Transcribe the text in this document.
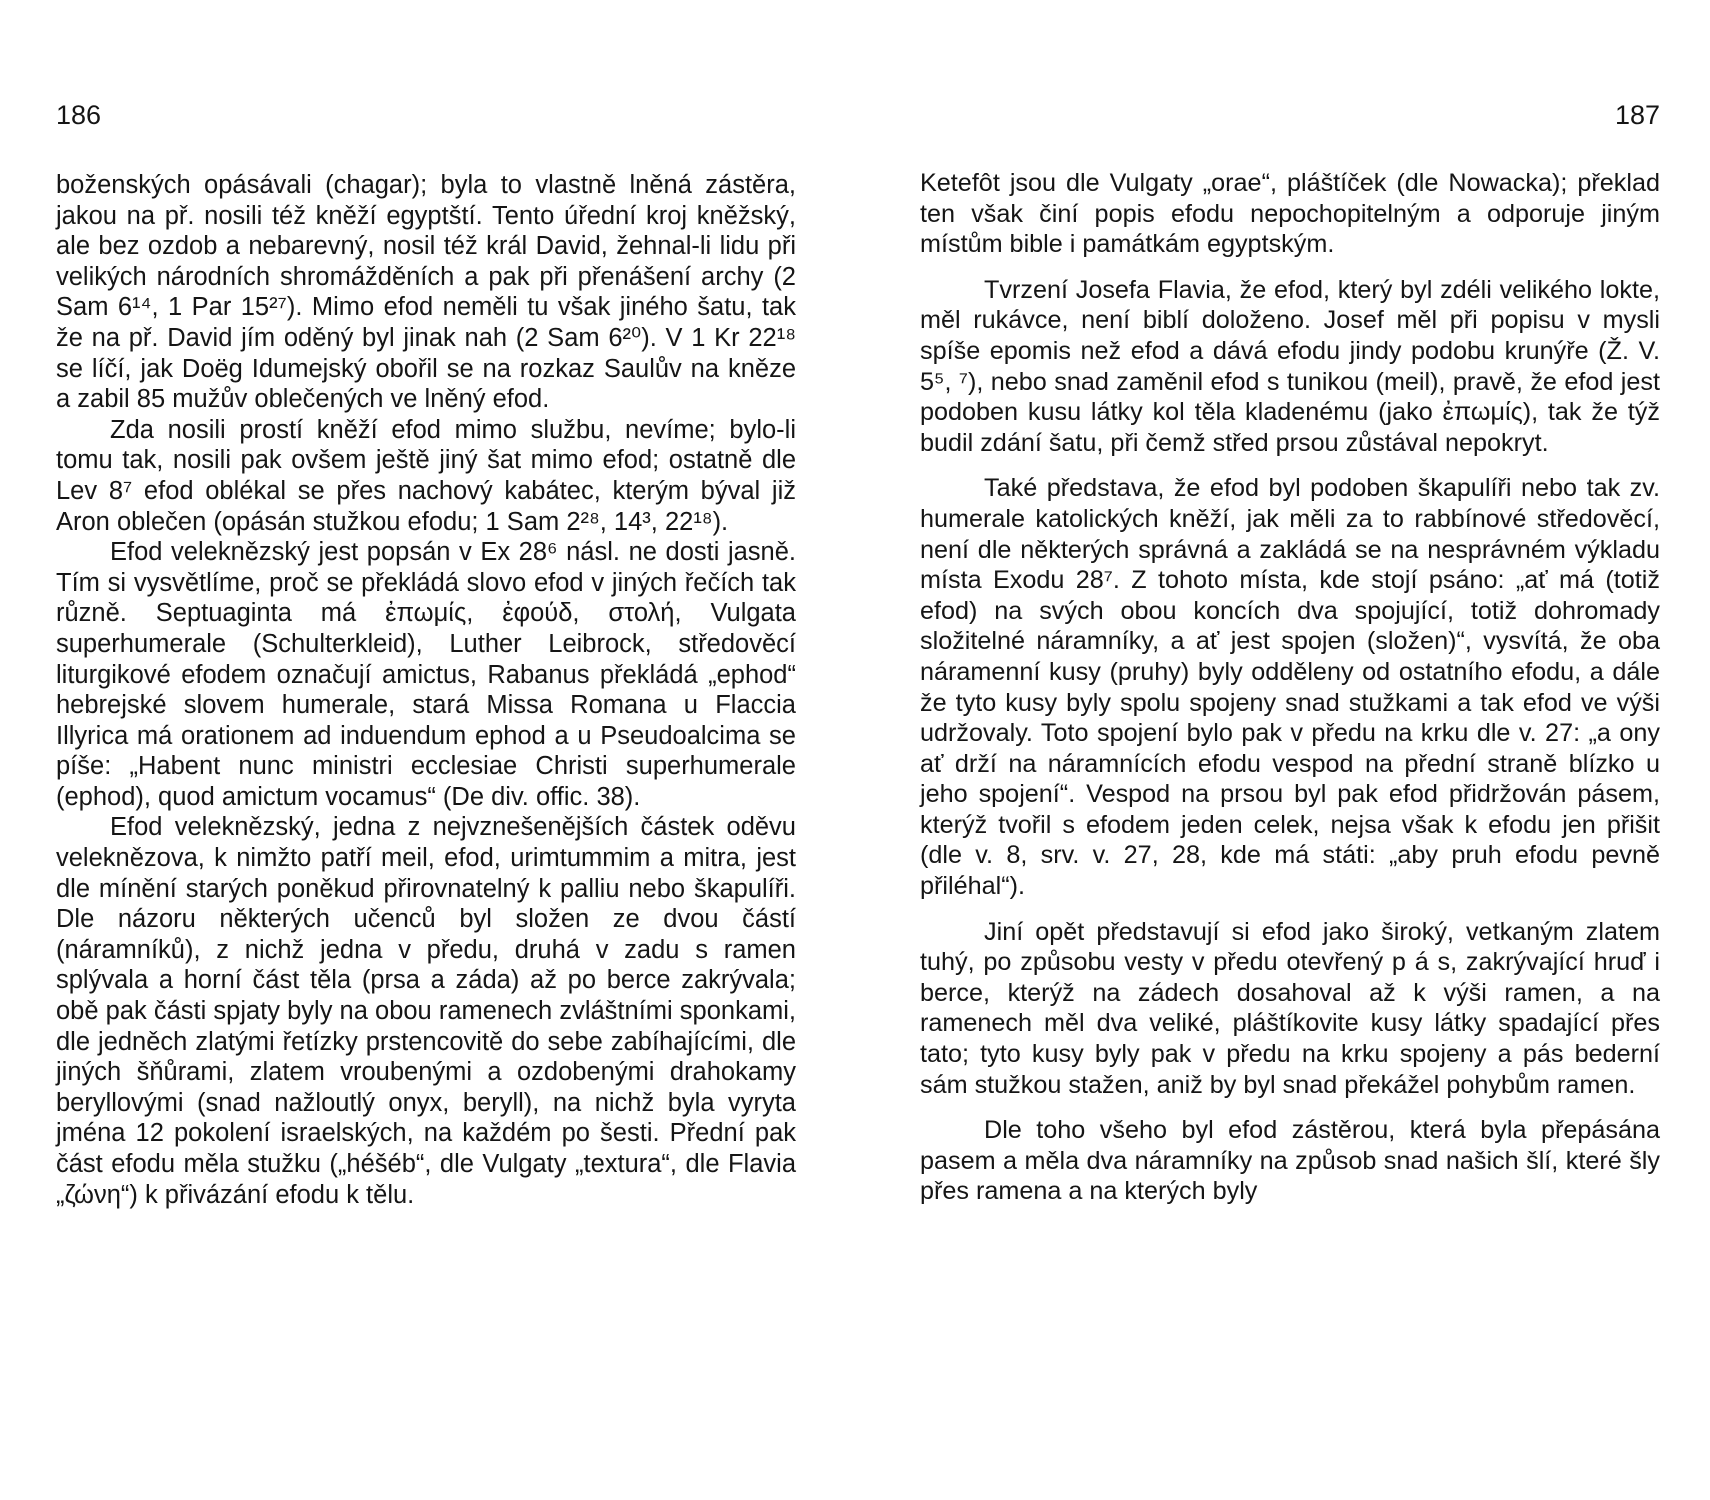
186

boženských opásávali (chagar); byla to vlastně lněná zástěra, jakou na př. nosili též kněží egyptští. Tento úřední kroj kněžský, ale bez ozdob a nebarevný, nosil též král David, žehnal-li lidu při velikých národních shromážděních a pak při přenášení archy (2 Sam 6¹⁴, 1 Par 15²⁷). Mimo efod neměli tu však jiného šatu, tak že na př. David jím oděný byl jinak nah (2 Sam 6²⁰). V 1 Kr 22¹⁸ se líčí, jak Doëg Idumejský obořil se na rozkaz Saulův na kněze a zabil 85 mužův oblečených ve lněný efod.

Zda nosili prostí kněží efod mimo službu, nevíme; bylo-li tomu tak, nosili pak ovšem ještě jiný šat mimo efod; ostatně dle Lev 8⁷ efod oblékal se přes nachový kabátec, kterým býval již Aron oblečen (opásán stužkou efodu; 1 Sam 2²⁸, 14³, 22¹⁸).

Efod veleknězský jest popsán v Ex 28⁶ násl. ne dosti jasně. Tím si vysvětlíme, proč se překládá slovo efod v jiných řečích tak různě. Septuaginta má ἐπωμίς, ἐφούδ, στολή, Vulgata superhumerale (Schulterkleid), Luther Leibrock, středověcí liturgikové efodem označují amictus, Rabanus překládá „ephod“ hebrejské slovem humerale, stará Missa Romana u Flaccia Illyrica má orationem ad induendum ephod a u Pseudoalcima se píše: „Habent nunc ministri ecclesiae Christi superhumerale (ephod), quod amictum vocamus“ (De div. offic. 38).

Efod veleknězský, jedna z nejvznešenějších částek oděvu veleknězova, k nimžto patří meil, efod, urimtummim a mitra, jest dle mínění starých poněkud přirovnatelný k palliu nebo škapulíři. Dle názoru některých učenců byl složen ze dvou částí (náramníků), z nichž jedna v předu, druhá v zadu s ramen splývala a horní část těla (prsa a záda) až po berce zakrývala; obě pak části spjaty byly na obou ramenech zvláštními sponkami, dle jedněch zlatými řetízky prstencovitě do sebe zabíhajícími, dle jiných šňůrami, zlatem vroubenými a ozdobenými drahokamy beryllovými (snad nažloutlý onyx, beryll), na nichž byla vyryta jména 12 pokolení israelských, na každém po šesti. Přední pak část efodu měla stužku („héšéb“, dle Vulgaty „textura“, dle Flavia „ζώνη“) k přivázání efodu k tělu.

187

Ketefôt jsou dle Vulgaty „orae“, pláštíček (dle Nowacka); překlad ten však činí popis efodu nepochopitelným a odporuje jiným místům bible i památkám egyptským.

Tvrzení Josefa Flavia, že efod, který byl zdéli velikého lokte, měl rukávce, není biblí doloženo. Josef měl při popisu v mysli spíše epomis než efod a dává efodu jindy podobu krunýře (Ž. V. 5⁵, ⁷), nebo snad zaměnil efod s tunikou (meil), pravě, že efod jest podoben kusu látky kol těla kladenému (jako ἐπωμίς), tak že týž budil zdání šatu, při čemž střed prsou zůstával nepokryt.

Také představa, že efod byl podoben škapulíři nebo tak zv. humerale katolických kněží, jak měli za to rabbínové středověcí, není dle některých správná a zakládá se na nesprávném výkladu místa Exodu 28⁷. Z tohoto místa, kde stojí psáno: „ať má (totiž efod) na svých obou koncích dva spojující, totiž dohromady složitelné náramníky, a ať jest spojen (složen)“, vysvítá, že oba náramenní kusy (pruhy) byly odděleny od ostatního efodu, a dále že tyto kusy byly spolu spojeny snad stužkami a tak efod ve výši udržovaly. Toto spojení bylo pak v předu na krku dle v. 27: „a ony ať drží na náramnících efodu vespod na přední straně blízko u jeho spojení“. Vespod na prsou byl pak efod přidržován pásem, kterýž tvořil s efodem jeden celek, nejsa však k efodu jen přišit (dle v. 8, srv. v. 27, 28, kde má státi: „aby pruh efodu pevně přiléhal“).

Jiní opět představují si efod jako široký, vetkaným zlatem tuhý, po způsobu vesty v předu otevřený p á s, zakrývající hruď i berce, kterýž na zádech dosahoval až k výši ramen, a na ramenech měl dva veliké, pláštíkovite kusy látky spadající přes tato; tyto kusy byly pak v předu na krku spojeny a pás bederní sám stužkou stažen, aniž by byl snad překážel pohybům ramen.

Dle toho všeho byl efod zástěrou, která byla přepásána pasem a měla dva náramníky na způsob snad našich šlí, které šly přes ramena a na kterých byly
